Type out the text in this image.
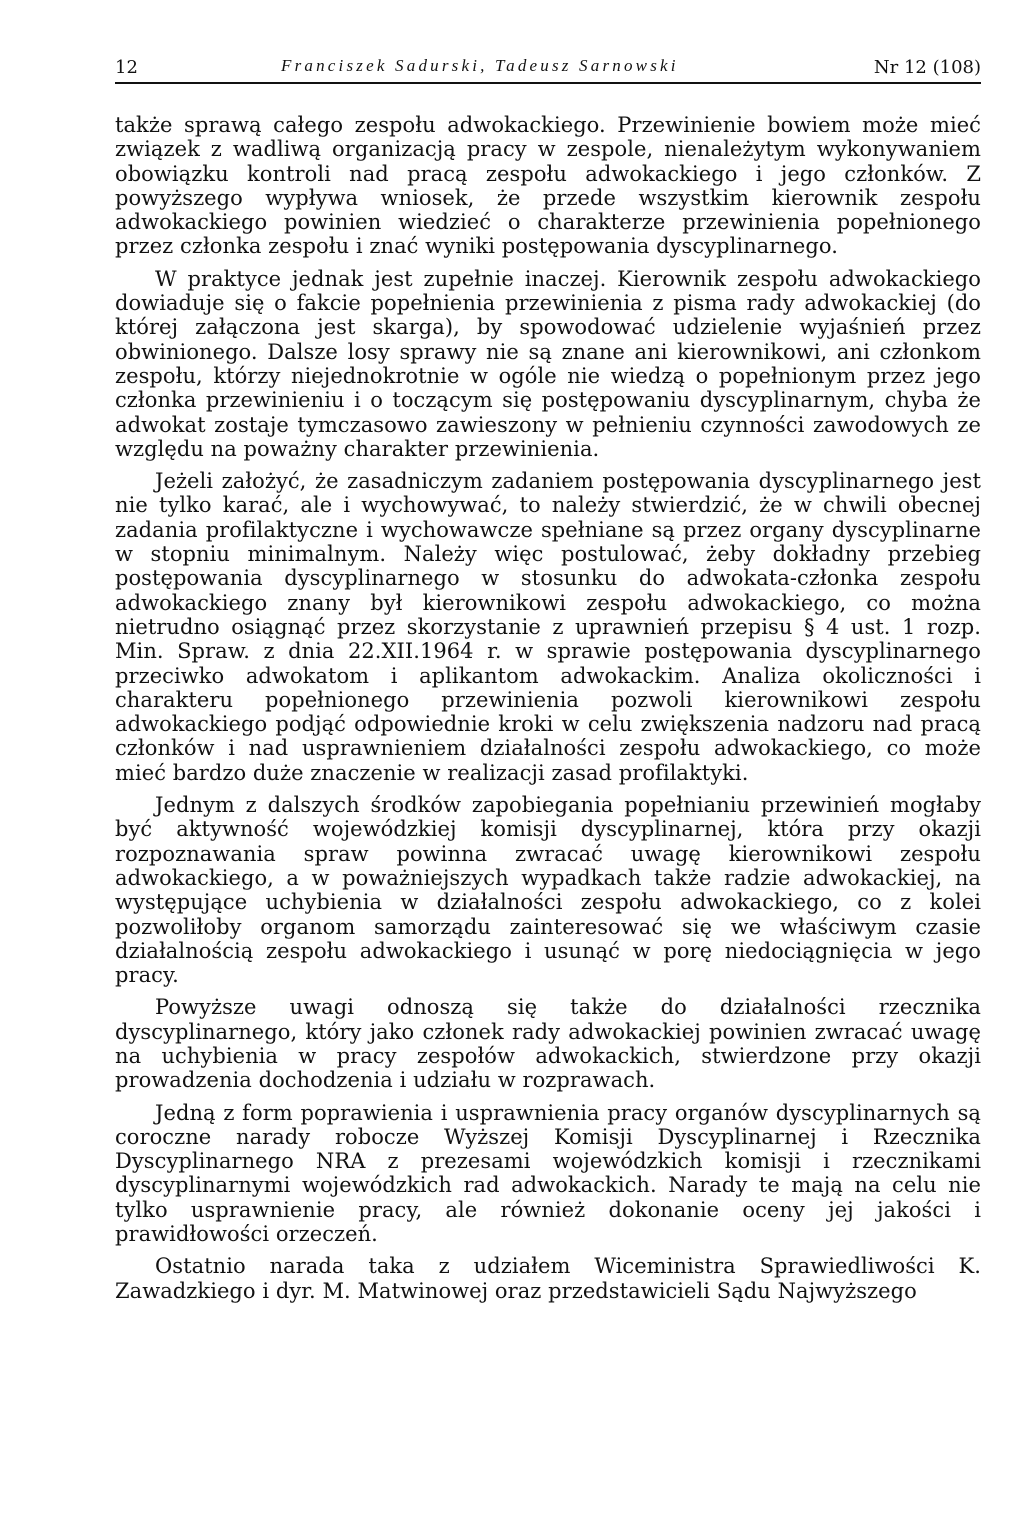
12	Franciszek Sadurski, Tadeusz Sarnowski	Nr 12 (108)

także sprawą całego zespołu adwokackiego. Przewinienie bowiem może mieć związek z wadliwą organizacją pracy w zespole, nienależytym wykonywaniem obowiązku kontroli nad pracą zespołu adwokackiego i jego członków. Z powyższego wypływa wniosek, że przede wszystkim kierownik zespołu adwokackiego powinien wiedzieć o charakterze przewinienia popełnionego przez członka zespołu i znać wyniki postępowania dyscyplinarnego.

W praktyce jednak jest zupełnie inaczej. Kierownik zespołu adwokackiego dowiaduje się o fakcie popełnienia przewinienia z pisma rady adwokackiej (do której załączona jest skarga), by spowodować udzielenie wyjaśnień przez obwinionego. Dalsze losy sprawy nie są znane ani kierownikowi, ani członkom zespołu, którzy niejednokrotnie w ogóle nie wiedzą o popełnionym przez jego członka przewinieniu i o toczącym się postępowaniu dyscyplinarnym, chyba że adwokat zostaje tymczasowo zawieszony w pełnieniu czynności zawodowych ze względu na poważny charakter przewinienia.

Jeżeli założyć, że zasadniczym zadaniem postępowania dyscyplinarnego jest nie tylko karać, ale i wychowywać, to należy stwierdzić, że w chwili obecnej zadania profilaktyczne i wychowawcze spełniane są przez organy dyscyplinarne w stopniu minimalnym. Należy więc postulować, żeby dokładny przebieg postępowania dyscyplinarnego w stosunku do adwokata-członka zespołu adwokackiego znany był kierownikowi zespołu adwokackiego, co można nietrudno osiągnąć przez skorzystanie z uprawnień przepisu § 4 ust. 1 rozp. Min. Spraw. z dnia 22.XII.1964 r. w sprawie postępowania dyscyplinarnego przeciwko adwokatom i aplikantom adwokackim. Analiza okoliczności i charakteru popełnionego przewinienia pozwoli kierownikowi zespołu adwokackiego podjąć odpowiednie kroki w celu zwiększenia nadzoru nad pracą członków i nad usprawnieniem działalności zespołu adwokackiego, co może mieć bardzo duże znaczenie w realizacji zasad profilaktyki.

Jednym z dalszych środków zapobiegania popełnianiu przewinień mogłaby być aktywność wojewódzkiej komisji dyscyplinarnej, która przy okazji rozpoznawania spraw powinna zwracać uwagę kierownikowi zespołu adwokackiego, a w poważniejszych wypadkach także radzie adwokackiej, na występujące uchybienia w działalności zespołu adwokackiego, co z kolei pozwoliłoby organom samorządu zainteresować się we właściwym czasie działalnością zespołu adwokackiego i usunąć w porę niedociągnięcia w jego pracy.

Powyższe uwagi odnoszą się także do działalności rzecznika dyscyplinarnego, który jako członek rady adwokackiej powinien zwracać uwagę na uchybienia w pracy zespołów adwokackich, stwierdzone przy okazji prowadzenia dochodzenia i udziału w rozprawach.

Jedną z form poprawienia i usprawnienia pracy organów dyscyplinarnych są coroczne narady robocze Wyższej Komisji Dyscyplinarnej i Rzecznika Dyscyplinarnego NRA z prezesami wojewódzkich komisji i rzecznikami dyscyplinarnymi wojewódzkich rad adwokackich. Narady te mają na celu nie tylko usprawnienie pracy, ale również dokonanie oceny jej jakości i prawidłowości orzeczeń.

Ostatnio narada taka z udziałem Wiceministra Sprawiedliwości K. Zawadzkiego i dyr. M. Matwinowej oraz przedstawicieli Sądu Najwyższego
